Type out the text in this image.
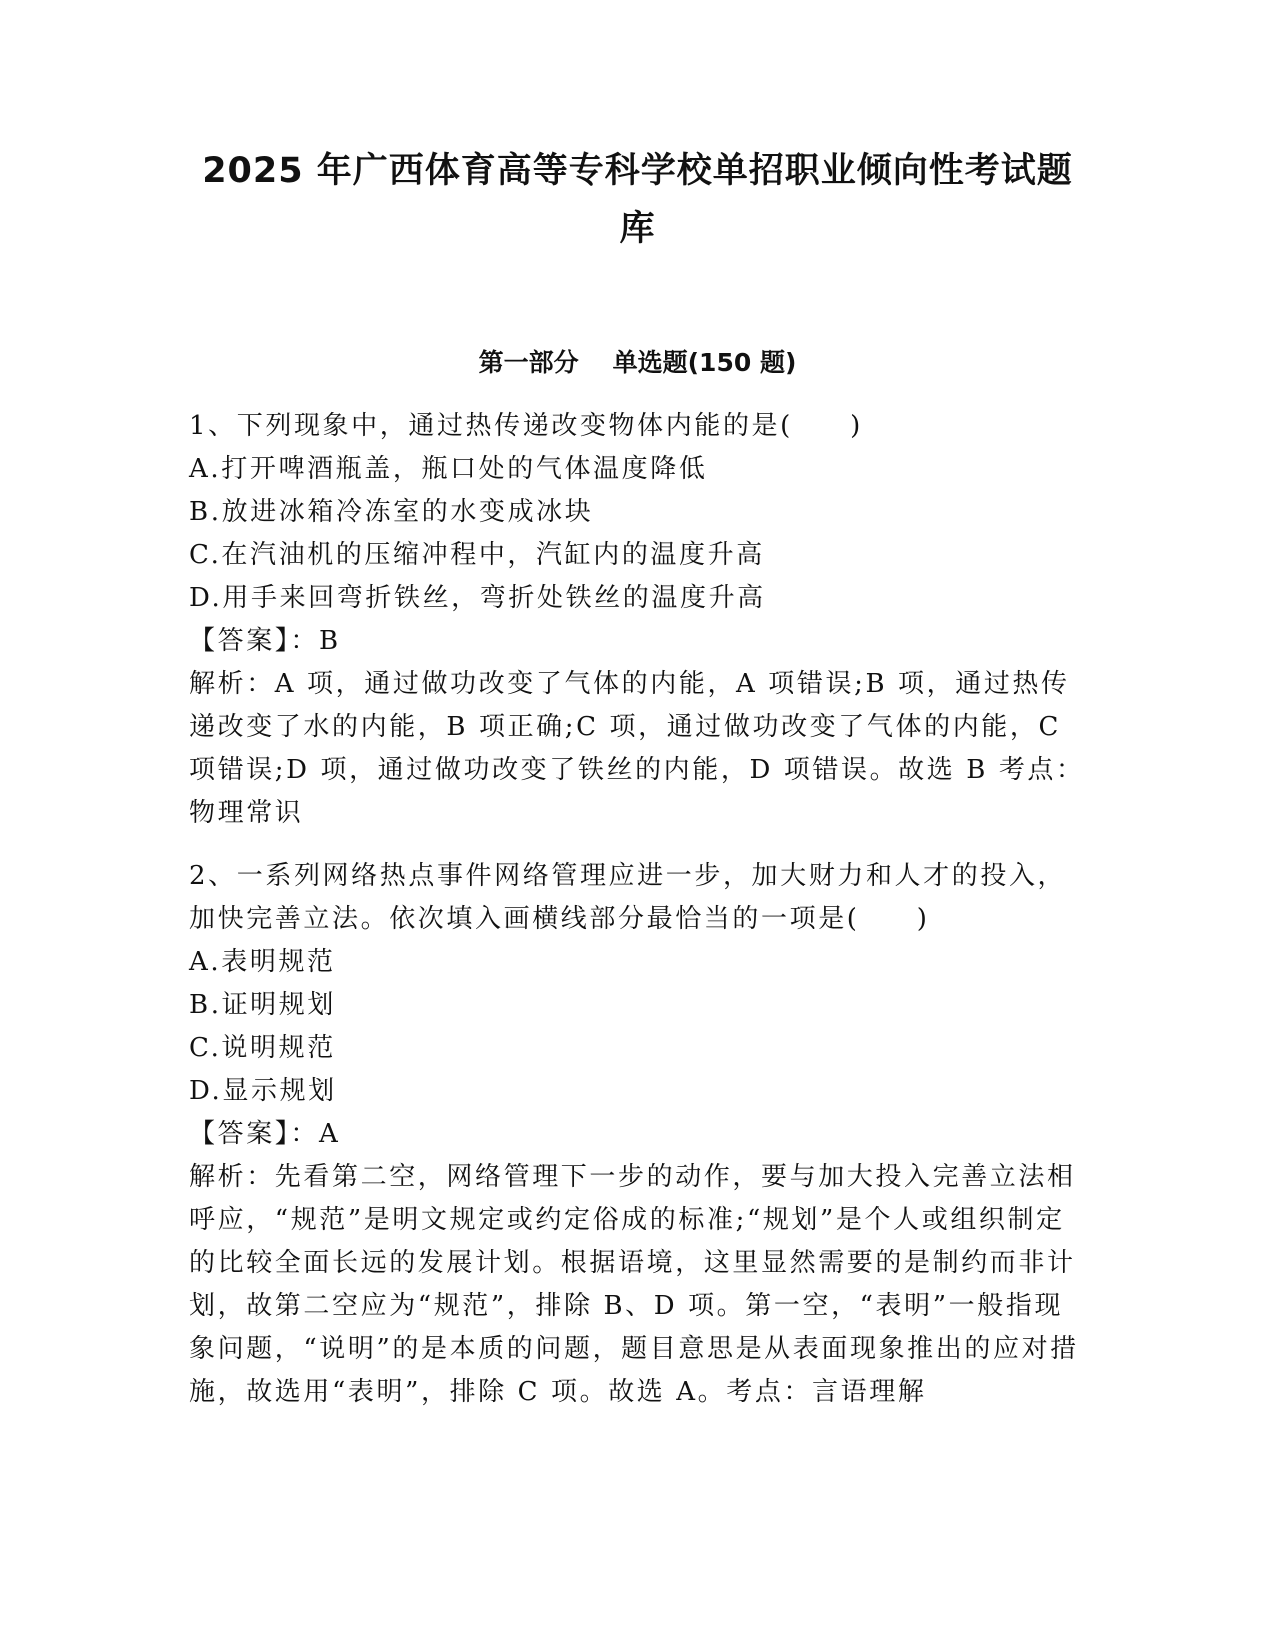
2025 年广西体育高等专科学校单招职业倾向性考试题
库
第一部分 单选题(150 题)

1、下列现象中，通过热传递改变物体内能的是(　　)

A.打开啤酒瓶盖，瓶口处的气体温度降低

B.放进冰箱冷冻室的水变成冰块

C.在汽油机的压缩冲程中，汽缸内的温度升高

D.用手来回弯折铁丝，弯折处铁丝的温度升高

【答案】：B

解析：A 项，通过做功改变了气体的内能，A 项错误;B 项，通过热传递改变了水的内能，B 项正确;C 项，通过做功改变了气体的内能，C 项错误;D 项，通过做功改变了铁丝的内能，D 项错误。故选 B 考点：物理常识

2、一系列网络热点事件网络管理应进一步，加大财力和人才的投入，加快完善立法。依次填入画横线部分最恰当的一项是(　　)

A.表明规范

B.证明规划

C.说明规范

D.显示规划

【答案】：A

解析：先看第二空，网络管理下一步的动作，要与加大投入完善立法相呼应，“规范”是明文规定或约定俗成的标准;“规划”是个人或组织制定的比较全面长远的发展计划。根据语境，这里显然需要的是制约而非计划，故第二空应为“规范”，排除 B、D 项。第一空，“表明”一般指现象问题，“说明”的是本质的问题，题目意思是从表面现象推出的应对措施，故选用“表明”，排除 C 项。故选 A。考点：言语理解
